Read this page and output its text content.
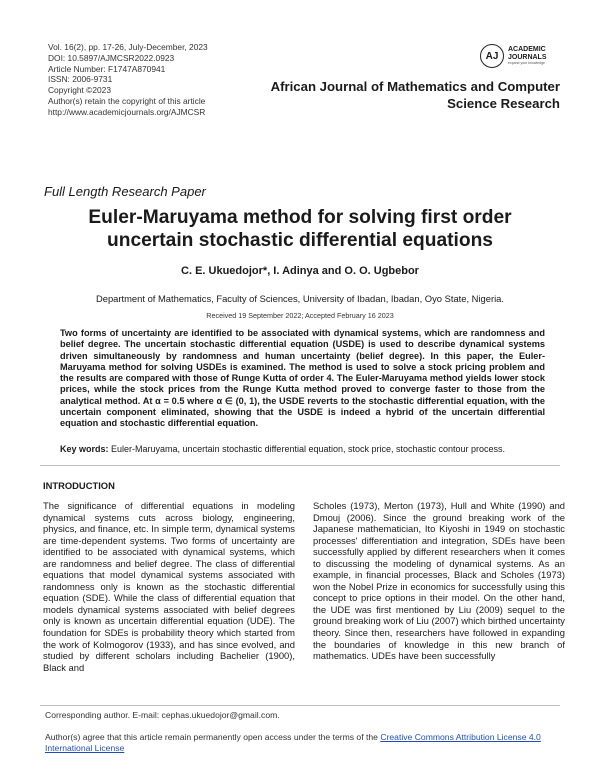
Vol. 16(2), pp. 17-26, July-December, 2023
DOI: 10.5897/AJMCSR2022.0923
Article Number: F1747A870941
ISSN: 2006-9731
Copyright ©2023
Author(s) retain the copyright of this article
http://www.academicjournals.org/AJMCSR
AJ
ACADEMIC
JOURNALS
expand your knowledge
African Journal of Mathematics and Computer
Science Research
Full Length Research Paper
Euler-Maruyama method for solving first order
uncertain stochastic differential equations
C. E. Ukuedojor*, I. Adinya and O. O. Ugbebor
Department of Mathematics, Faculty of Sciences, University of Ibadan, Ibadan, Oyo State, Nigeria.
Received 19 September 2022; Accepted February 16 2023
Two forms of uncertainty are identified to be associated with dynamical systems, which are randomness and belief degree. The uncertain stochastic differential equation (USDE) is used to describe dynamical systems driven simultaneously by randomness and human uncertainty (belief degree). In this paper, the Euler-Maruyama method for solving USDEs is examined. The method is used to solve a stock pricing problem and the results are compared with those of Runge Kutta of order 4. The Euler-Maruyama method yields lower stock prices, while the stock prices from the Runge Kutta method proved to converge faster to those from the analytical method. At α = 0.5 where α ∈ (0, 1), the USDE reverts to the stochastic differential equation, with the uncertain component eliminated, showing that the USDE is indeed a hybrid of the uncertain differential equation and stochastic differential equation.
Key words: Euler-Maruyama, uncertain stochastic differential equation, stock price, stochastic contour process.
INTRODUCTION
The significance of differential equations in modeling dynamical systems cuts across biology, engineering, physics, and finance, etc. In simple term, dynamical systems are time-dependent systems. Two forms of uncertainty are identified to be associated with dynamical systems, which are randomness and belief degree. The class of differential equations that model dynamical systems associated with randomness only is known as the stochastic differential equation (SDE). While the class of differential equation that models dynamical systems associated with belief degrees only is known as uncertain differential equation (UDE). The foundation for SDEs is probability theory which started from the work of Kolmogorov (1933), and has since evolved, and studied by different scholars including Bachelier (1900), Black and
Scholes (1973), Merton (1973), Hull and White (1990) and Dmouj (2006). Since the ground breaking work of the Japanese mathematician, Ito Kiyoshi in 1949 on stochastic processes' differentiation and integration, SDEs have been successfully applied by different researchers when it comes to discussing the modeling of dynamical systems. As an example, in financial processes, Black and Scholes (1973) won the Nobel Prize in economics for successfully using this concept to price options in their model. On the other hand, the UDE was first mentioned by Liu (2009) sequel to the ground breaking work of Liu (2007) which birthed uncertainty theory. Since then, researchers have followed in expanding the boundaries of knowledge in this new branch of mathematics. UDEs have been successfully
Corresponding author. E-mail: cephas.ukuedojor@gmail.com.
Author(s) agree that this article remain permanently open access under the terms of the Creative Commons Attribution License 4.0 International License
